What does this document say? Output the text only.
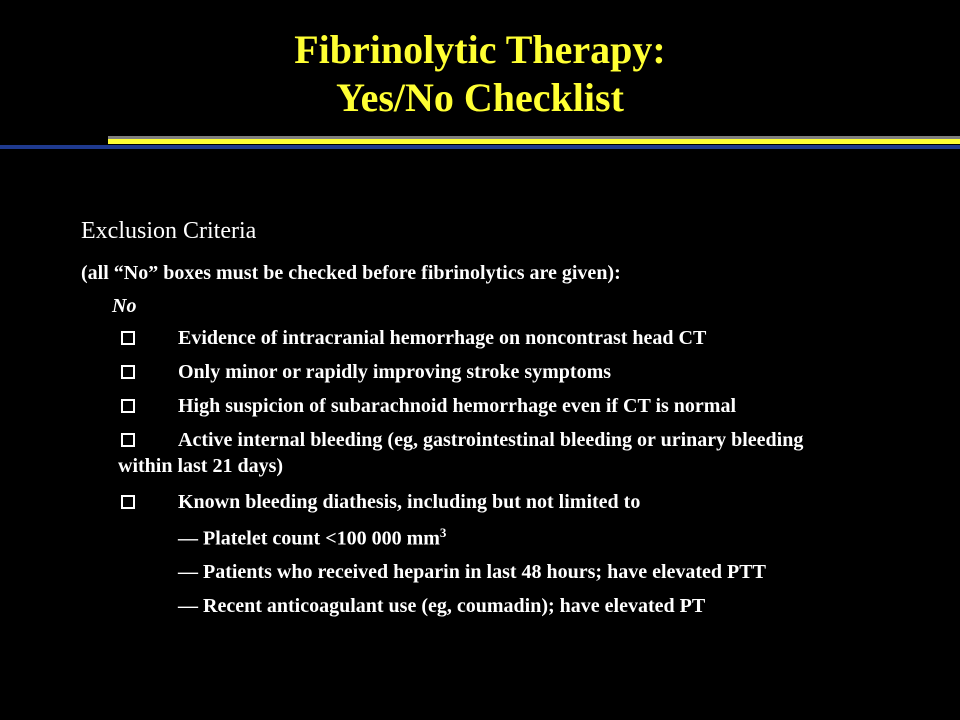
Fibrinolytic Therapy:
Yes/No Checklist
Exclusion Criteria
(all “No” boxes must be checked before fibrinolytics are given):
No
Evidence of intracranial hemorrhage on noncontrast head CT
Only minor or rapidly improving stroke symptoms
High suspicion of subarachnoid hemorrhage even if CT is normal
Active internal bleeding (eg, gastrointestinal bleeding or urinary bleeding
within last 21 days)
Known bleeding diathesis, including but not limited to
— Platelet count <100 000 $mm^3$
— Patients who received heparin in last 48 hours; have elevated PTT
— Recent anticoagulant use (eg, coumadin); have elevated PT
